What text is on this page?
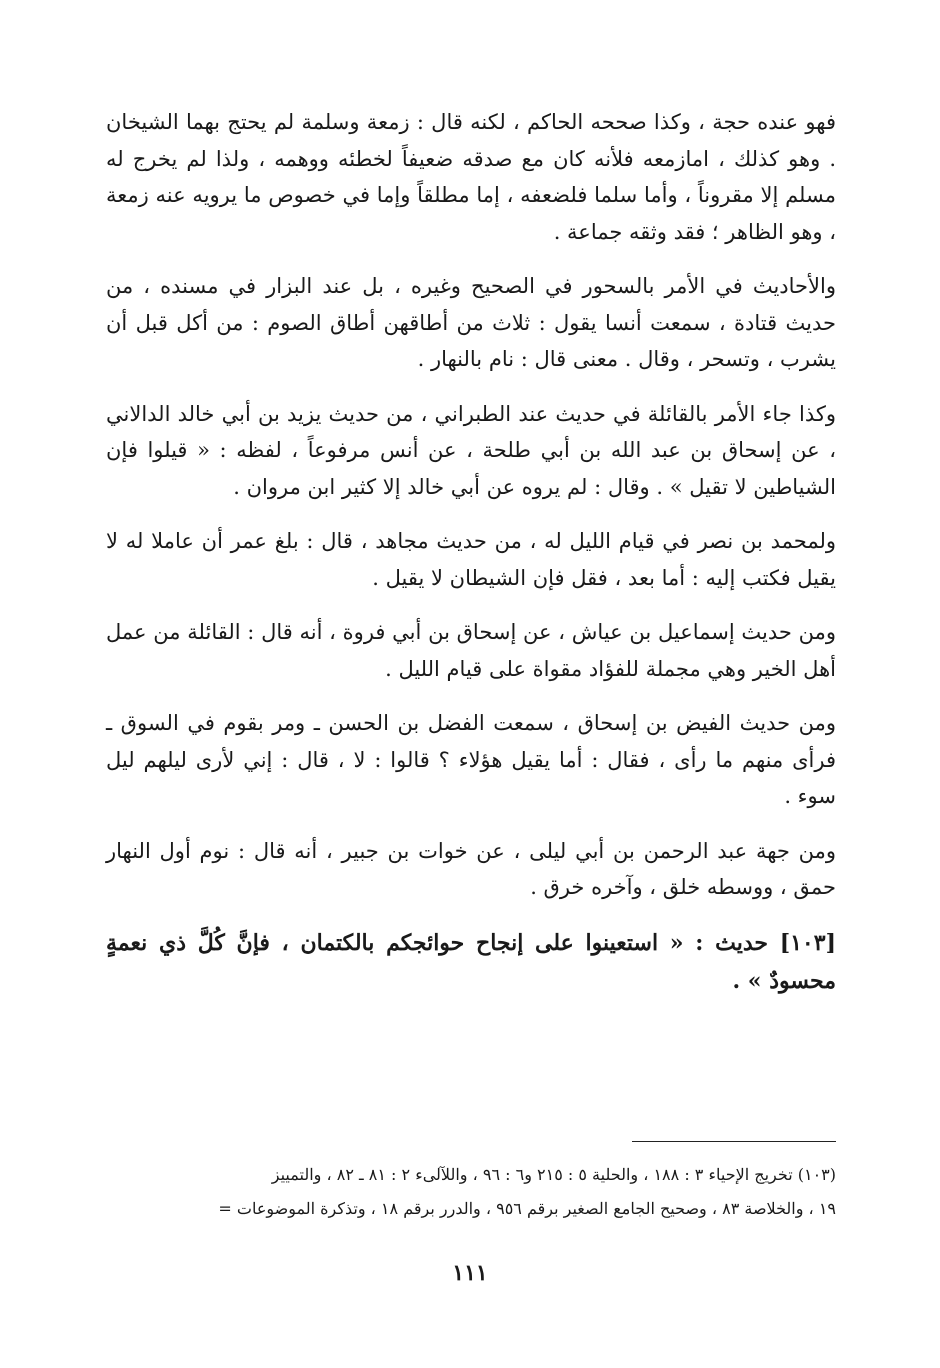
فهو عنده حجة ، وكذا صححه الحاكم ، لكنه قال : زمعة وسلمة لم يحتج بهما الشيخان . وهو كذلك ، امازمعه فلأنه كان مع صدقه ضعيفاً لخطئه ووهمه ، ولذا لم يخرج له مسلم إلا مقروناً ، وأما سلما فلضعفه ، إما مطلقاً وإما في خصوص ما يرويه عنه زمعة ، وهو الظاهر ؛ فقد وثقه جماعة .

والأحاديث في الأمر بالسحور في الصحيح وغيره ، بل عند البزار في مسنده ، من حديث قتادة ، سمعت أنسا يقول : ثلاث من أطاقهن أطاق الصوم : من أكل قبل أن يشرب ، وتسحر ، وقال . معنى قال : نام بالنهار .

وكذا جاء الأمر بالقائلة في حديث عند الطبراني ، من حديث يزيد بن أبي خالد الدالاني ، عن إسحاق بن عبد الله بن أبي طلحة ، عن أنس مرفوعاً ، لفظه : « قيلوا فإن الشياطين لا تقيل » . وقال : لم يروه عن أبي خالد إلا كثير ابن مروان .

ولمحمد بن نصر في قيام الليل له ، من حديث مجاهد ، قال : بلغ عمر أن عاملا له لا يقيل فكتب إليه : أما بعد ، فقل فإن الشيطان لا يقيل .

ومن حديث إسماعيل بن عياش ، عن إسحاق بن أبي فروة ، أنه قال : القائلة من عمل أهل الخير وهي مجملة للفؤاد مقواة على قيام الليل .

ومن حديث الفيض بن إسحاق ، سمعت الفضل بن الحسن ـ ومر بقوم في السوق ـ فرأى منهم ما رأى ، فقال : أما يقيل هؤلاء ؟ قالوا : لا ، قال : إني لأرى ليلهم ليل سوء .

ومن جهة عبد الرحمن بن أبي ليلى ، عن خوات بن جبير ، أنه قال : نوم أول النهار حمق ، ووسطه خلق ، وآخره خرق .

[١٠٣] حديث : « استعينوا على إنجاح حوائجكم بالكتمان ، فإنَّ كُلَّ ذي نعمةٍ محسودٌ » .

(١٠٣) تخريج الإحياء ٣ : ١٨٨ ، والحلية ٥ : ٢١٥ و٦ : ٩٦ ، واللآلىء ٢ : ٨١ ـ ٨٢ ، والتمييز

١٩ ، والخلاصة ٨٣ ، وصحيح الجامع الصغير برقم ٩٥٦ ، والدرر برقم ١٨ ، وتذكرة الموضوعات =

١١١
